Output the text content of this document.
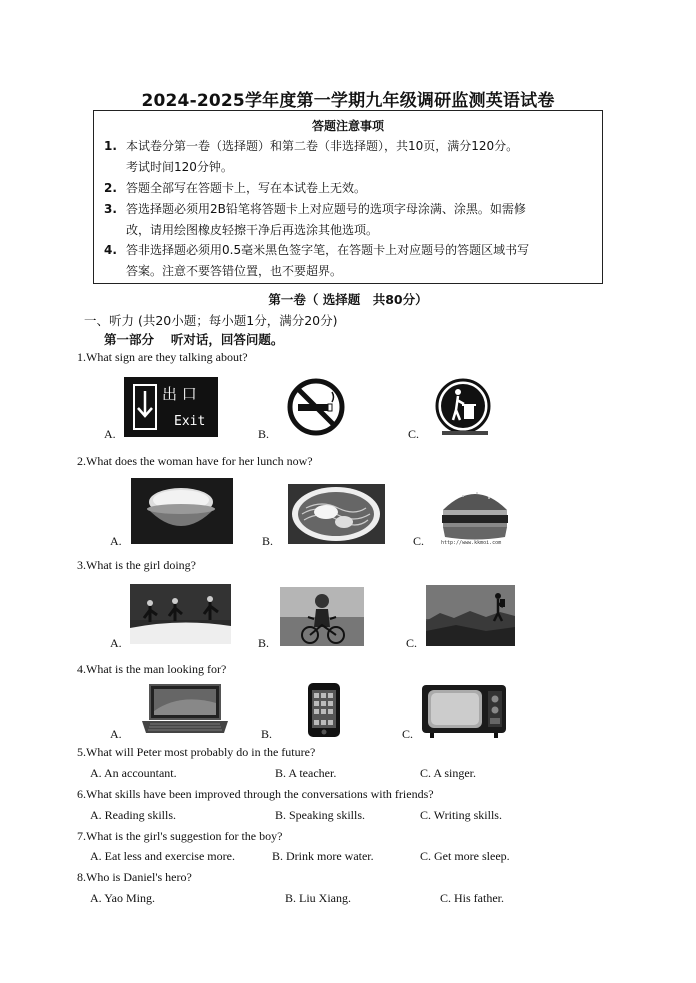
2024-2025学年度第一学期九年级调研监测英语试卷
答题注意事项
1. 本试卷分第一卷（选择题）和第二卷（非选择题），共10页，满分120分。
考试时间120分钟。
2. 答题全部写在答题卡上，写在本试卷上无效。
3. 答选择题必须用2B铅笔将答题卡上对应题号的选项字母涂满、涂黑。如需修
改，请用绘图橡皮轻擦干净后再选涂其他选项。
4. 答非选择题必须用0.5毫米黑色签字笔，在答题卡上对应题号的答题区域书写
答案。注意不要答错位置，也不要超界。
第一卷（ 选择题　共80分）
一、听力 (共20小题；每小题1分，满分20分)
第一部分　 听对话，回答问题。
1.What sign are they talking about?
A.
出 口
Exit
B.	C.
2.What does the woman have for her lunch now?
A.	B.	C.	http://www.kkmoi.com
3.What is the girl doing?
A.	B.	C.
4.What is the man looking for?
A.	B.	C.
5.What will Peter most probably do in the future?
A. An accountant.	B. A teacher.	C. A singer.
6.What skills have been improved through the conversations with friends?
A. Reading skills.	B. Speaking skills.	C. Writing skills.
7.What is the girl's suggestion for the boy?
A. Eat less and exercise more.	B. Drink more water.	C. Get more sleep.
8.Who is Daniel's hero?
A. Yao Ming.	B. Liu Xiang.	C. His father.
